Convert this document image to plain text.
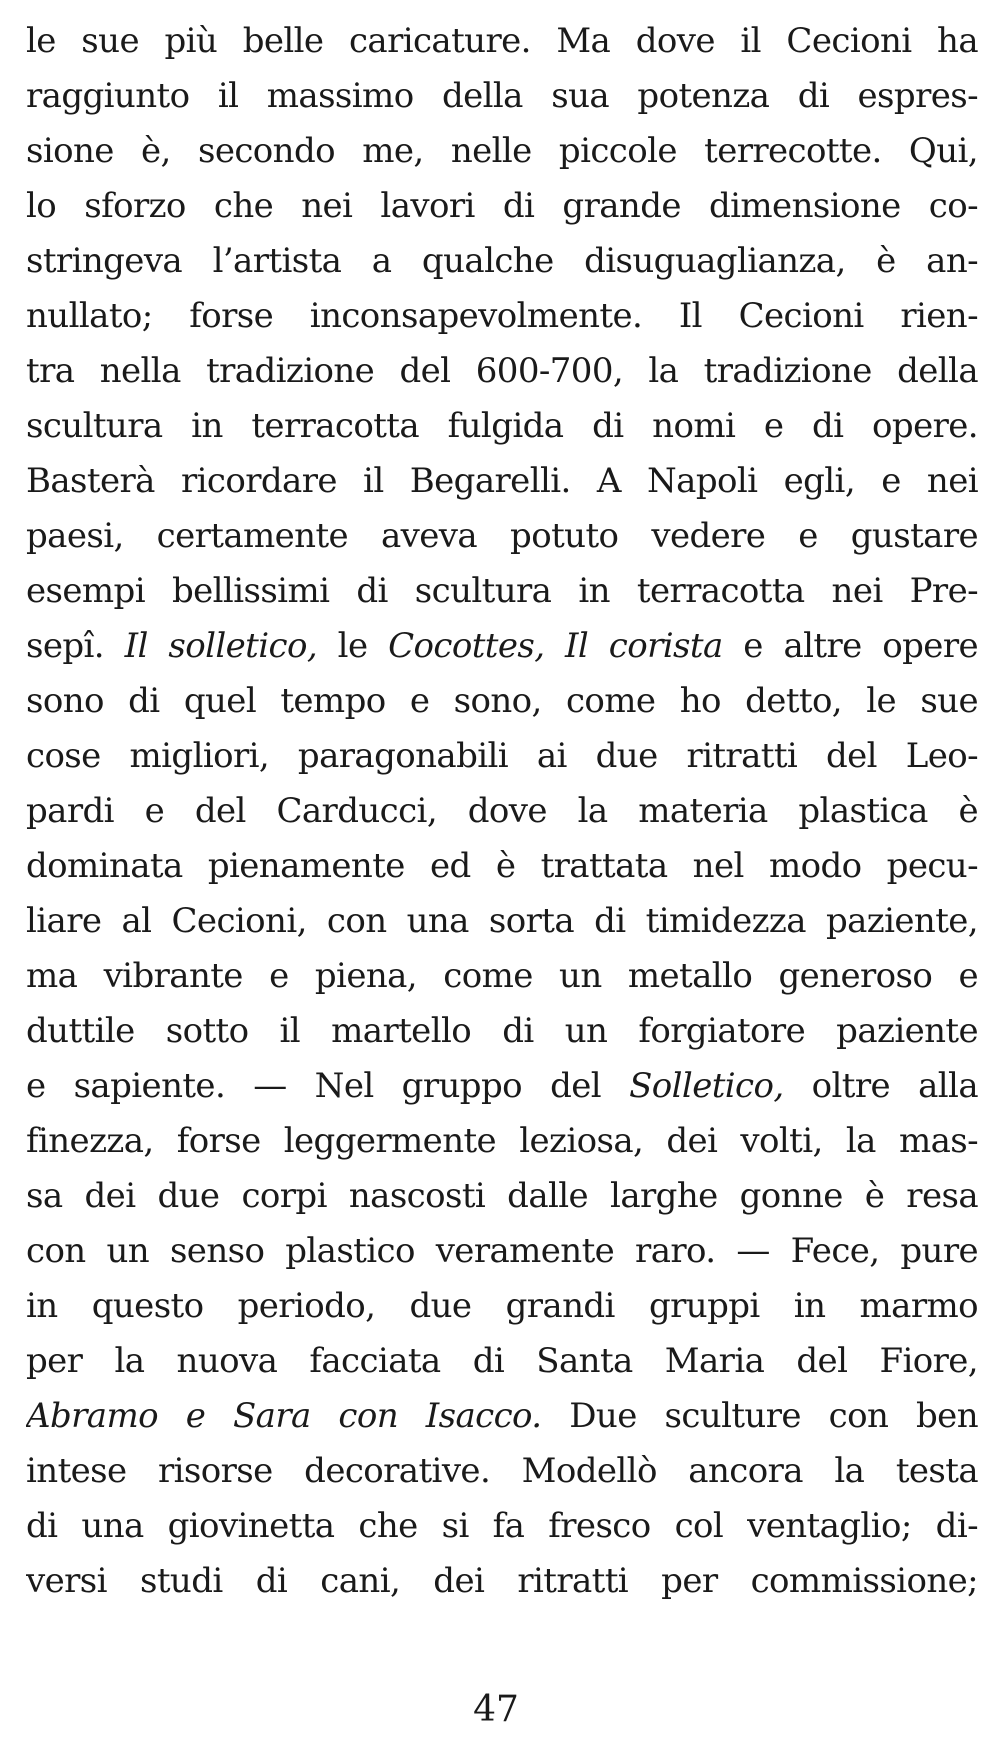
le sue più belle caricature. Ma dove il Cecioni ha
raggiunto il massimo della sua potenza di espres-
sione è, secondo me, nelle piccole terrecotte. Qui,
lo sforzo che nei lavori di grande dimensione co-
stringeva l’artista a qualche disuguaglianza, è an-
nullato; forse inconsapevolmente. Il Cecioni rien-
tra nella tradizione del 600-700, la tradizione della
scultura in terracotta fulgida di nomi e di opere.
Basterà ricordare il Begarelli. A Napoli egli, e nei
paesi, certamente aveva potuto vedere e gustare
esempi bellissimi di scultura in terracotta nei Pre-
sepî. Il solletico, le Cocottes, Il corista e altre opere
sono di quel tempo e sono, come ho detto, le sue
cose migliori, paragonabili ai due ritratti del Leo-
pardi e del Carducci, dove la materia plastica è
dominata pienamente ed è trattata nel modo pecu-
liare al Cecioni, con una sorta di timidezza paziente,
ma vibrante e piena, come un metallo generoso e
duttile sotto il martello di un forgiatore paziente
e sapiente. — Nel gruppo del Solletico, oltre alla
finezza, forse leggermente leziosa, dei volti, la mas-
sa dei due corpi nascosti dalle larghe gonne è resa
con un senso plastico veramente raro. — Fece, pure
in questo periodo, due grandi gruppi in marmo
per la nuova facciata di Santa Maria del Fiore,
Abramo e Sara con Isacco. Due sculture con ben
intese risorse decorative. Modellò ancora la testa
di una giovinetta che si fa fresco col ventaglio; di-
versi studi di cani, dei ritratti per commissione;

47
